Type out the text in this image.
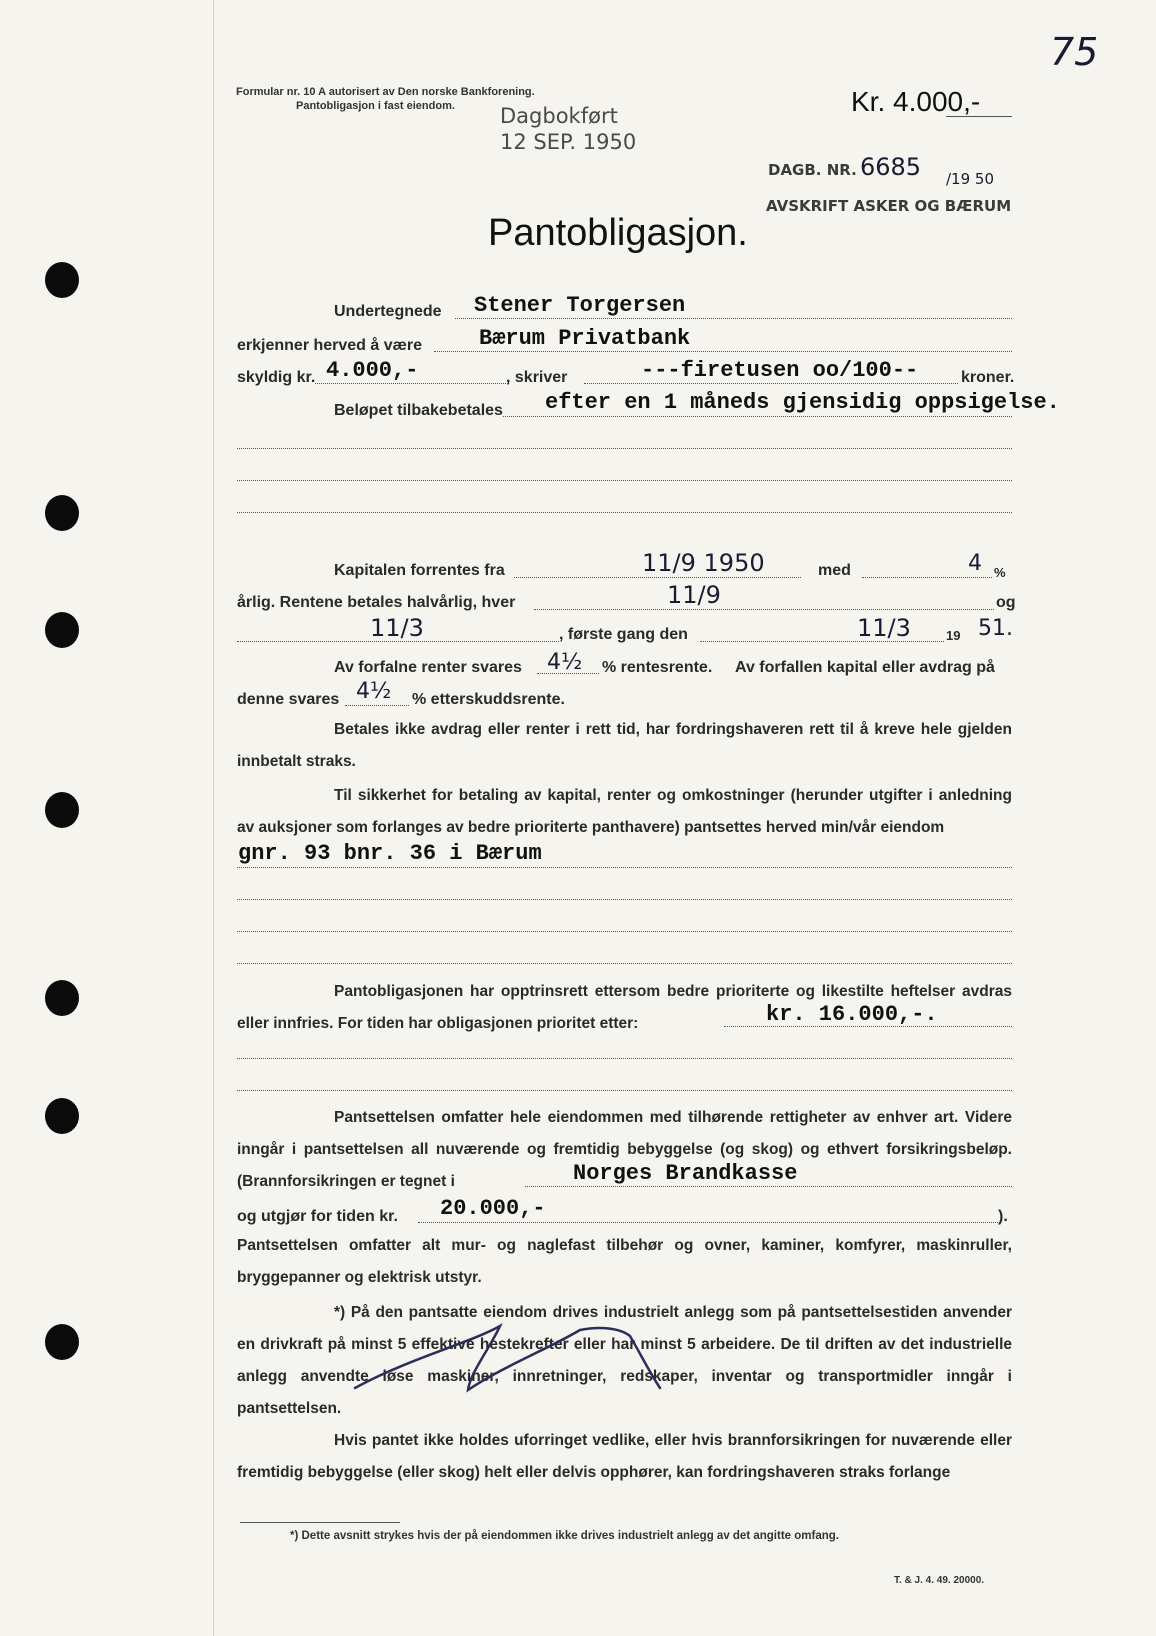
75
Formular nr. 10 A autorisert av Den norske Bankforening.
Pantobligasjon i fast eiendom.	Kr. 4.000,-
Dagbokført
12 SEP. 1950
DAGB. NR. 6685 /19 50
AVSKRIFT ASKER OG BÆRUM
Pantobligasjon.
Undertegnede Stener Torgersen
erkjenner herved å være	Bærum Privatbank
skyldig kr. 4.000,-	, skriver	---firetusen oo/100--	kroner.
Beløpet tilbakebetales efter en 1 måneds gjensidig oppsigelse.
Kapitalen forrentes fra	11/9 1950	med	4 %
årlig. Rentene betales halvårlig, hver	11/9	og
11/3	, første gang den	11/3	19 51.
Av forfalne renter svares 4½ % rentesrente. Av forfallen kapital eller avdrag på
denne svares 4½ % etterskuddsrente.
Betales ikke avdrag eller renter i rett tid, har fordringshaveren rett til å kreve hele gjelden innbetalt straks.
Til sikkerhet for betaling av kapital, renter og omkostninger (herunder utgifter i anledning av auksjoner som forlanges av bedre prioriterte panthavere) pantsettes herved min/vår eiendom
gnr. 93 bnr. 36 i Bærum
Pantobligasjonen har opptrinsrett ettersom bedre prioriterte og likestilte heftelser avdras eller innfries. For tiden har obligasjonen prioritet etter:	kr. 16.000,-.
Pantsettelsen omfatter hele eiendommen med tilhørende rettigheter av enhver art. Videre inngår i pantsettelsen all nuværende og fremtidig bebyggelse (og skog) og ethvert forsikringsbeløp. (Brannforsikringen er tegnet i	Norges Brandkasse
og utgjør for tiden kr. 20.000,-	).
Pantsettelsen omfatter alt mur- og naglefast tilbehør og ovner, kaminer, komfyrer, maskinruller, bryggepanner og elektrisk utstyr.
*) På den pantsatte eiendom drives industrielt anlegg som på pantsettelsestiden anvender en drivkraft på minst 5 effektive hestekrefter eller har minst 5 arbeidere. De til driften av det industrielle anlegg anvendte løse maskiner, innretninger, redskaper, inventar og transportmidler inngår i pantsettelsen.
Hvis pantet ikke holdes uforringet vedlike, eller hvis brannforsikringen for nuværende eller fremtidig bebyggelse (eller skog) helt eller delvis opphører, kan fordringshaveren straks forlange
*) Dette avsnitt strykes hvis der på eiendommen ikke drives industrielt anlegg av det angitte omfang.
T. & J. 4. 49. 20000.
